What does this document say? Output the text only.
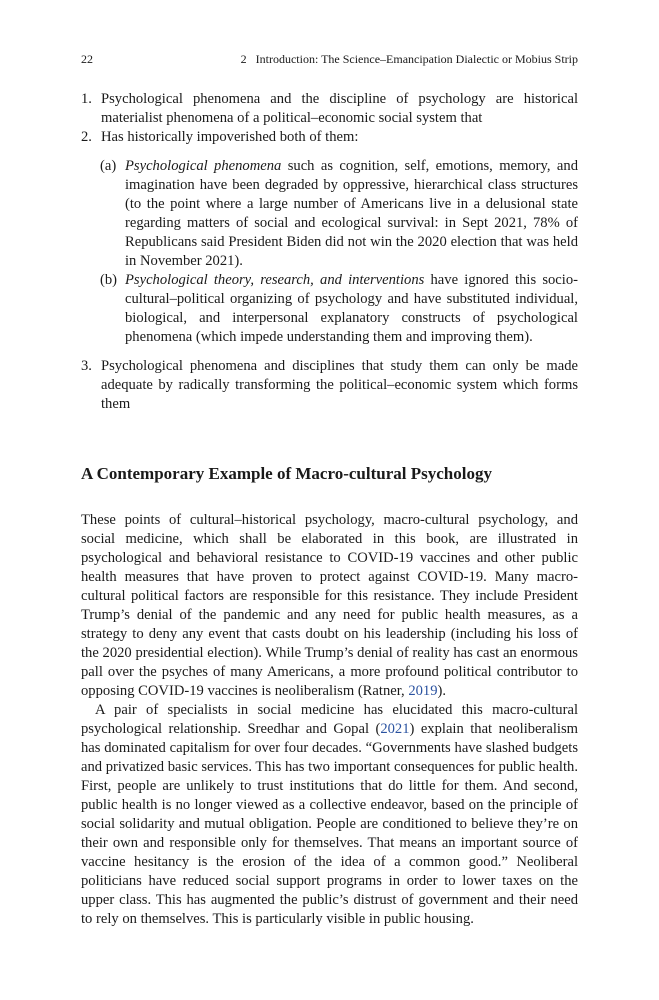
22	2   Introduction: The Science–Emancipation Dialectic or Mobius Strip
1. Psychological phenomena and the discipline of psychology are historical materialist phenomena of a political–economic social system that
2. Has historically impoverished both of them:
(a) Psychological phenomena such as cognition, self, emotions, memory, and imagination have been degraded by oppressive, hierarchical class structures (to the point where a large number of Americans live in a delusional state regarding matters of social and ecological survival: in Sept 2021, 78% of Republicans said President Biden did not win the 2020 election that was held in November 2021).
(b) Psychological theory, research, and interventions have ignored this socio-cultural–political organizing of psychology and have substituted individual, biological, and interpersonal explanatory constructs of psychological phenomena (which impede understanding them and improving them).
3. Psychological phenomena and disciplines that study them can only be made adequate by radically transforming the political–economic system which forms them
A Contemporary Example of Macro-cultural Psychology

These points of cultural–historical psychology, macro-cultural psychology, and social medicine, which shall be elaborated in this book, are illustrated in psychological and behavioral resistance to COVID-19 vaccines and other public health measures that have proven to protect against COVID-19. Many macro-cultural political factors are responsible for this resistance. They include President Trump’s denial of the pandemic and any need for public health measures, as a strategy to deny any event that casts doubt on his leadership (including his loss of the 2020 presidential election). While Trump’s denial of reality has cast an enormous pall over the psyches of many Americans, a more profound political contributor to opposing COVID-19 vaccines is neoliberalism (Ratner, 2019).

A pair of specialists in social medicine has elucidated this macro-cultural psychological relationship. Sreedhar and Gopal (2021) explain that neoliberalism has dominated capitalism for over four decades. “Governments have slashed budgets and privatized basic services. This has two important consequences for public health. First, people are unlikely to trust institutions that do little for them. And second, public health is no longer viewed as a collective endeavor, based on the principle of social solidarity and mutual obligation. People are conditioned to believe they’re on their own and responsible only for themselves. That means an important source of vaccine hesitancy is the erosion of the idea of a common good.” Neoliberal politicians have reduced social support programs in order to lower taxes on the upper class. This has augmented the public’s distrust of government and their need to rely on themselves. This is particularly visible in public housing.
